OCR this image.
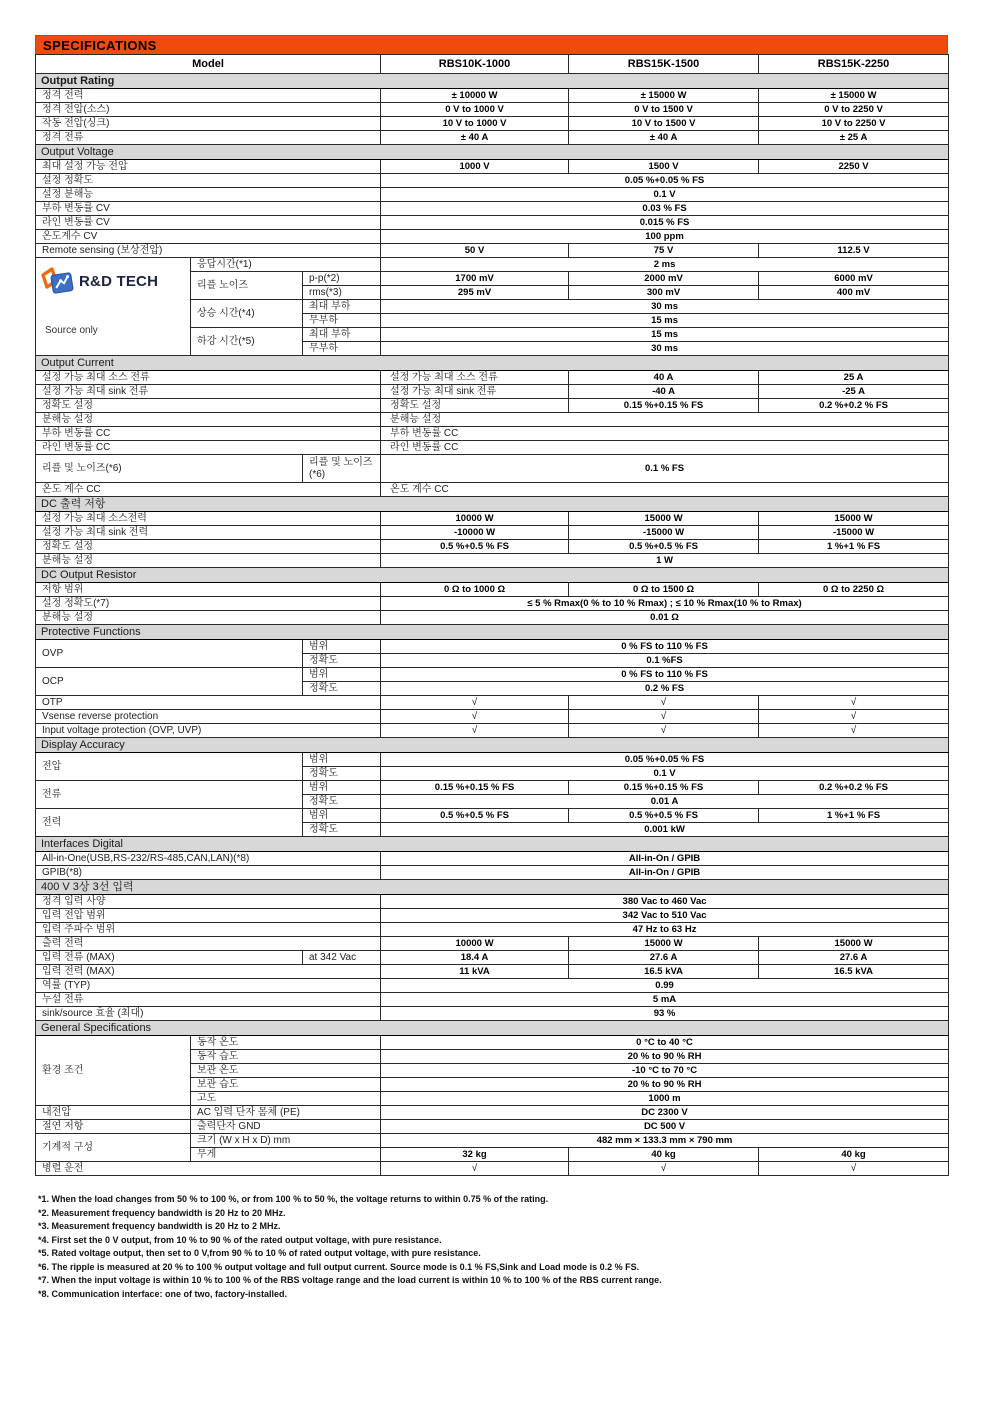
SPECIFICATIONS
Model			RBS10K-1000	RBS15K-1500	RBS15K-2250
Output Rating					
정격 전력			± 10000 W	± 15000 W	± 15000 W
정격 전압(소스)			0 V to 1000 V	0 V to 1500 V	0 V to 2250 V
작동 전압(싱크)			10 V to 1000 V	10 V to 1500 V	10 V to 2250 V
정격 전류			± 40 A	± 40 A	± 25 A
Output Voltage					
최대 설정 가능 전압			1000 V	1500 V	2250 V
설정 정확도			0.05 %+0.05 % FS		
설정 분해능			0.1 V		
부하 변동률 CV			0.03 % FS		
라인 변동률 CV			0.015 % FS		
온도계수 CV			100 ppm		
Remote sensing (보상전압)			50 V	75 V	112.5 V

R&D TECH
Source only	응답시간(*1)		2 ms		
	리플 노이즈	p-p(*2)	1700 mV	2000 mV	6000 mV
		rms(*3)	295 mV	300 mV	400 mV
	상승 시간(*4)	최대 부하	30 ms		
		무부하	15 ms		
	하강 시간(*5)	최대 부하	15 ms		
		무부하	30 ms		
Output Current					
설정 가능 최대 소스 전류			설정 가능 최대 소스 전류	40 A	25 A
설정 가능 최대 sink 전류			설정 가능 최대 sink 전류	-40 A	-25 A
정확도 설정			정확도 설정	0.15 %+0.15 % FS	0.2 %+0.2 % FS
분해능 설정			분해능 설정		
부하 변동률 CC			부하 변동률 CC		
라인 변동률 CC			라인 변동률 CC		
리플 및 노이즈(*6)		리플 및 노이즈(*6)	0.1 % FS		
온도 계수 CC			온도 계수 CC		
DC 출력 저항					
설정 가능 최대 소스전력			10000 W	15000 W	15000 W
설정 가능 최대 sink 전력			-10000 W	-15000 W	-15000 W
정확도 설정			0.5 %+0.5 % FS	0.5 %+0.5 % FS	1 %+1 % FS
분해능 설정			1 W		
DC Output Resistor					
저항 범위			0 Ω to 1000 Ω	0 Ω to 1500 Ω	0 Ω to 2250 Ω
설정 정확도(*7)			≤ 5 % Rmax(0 % to 10 % Rmax) ; ≤ 10 % Rmax(10 % to Rmax)		
분해능 설정			0.01 Ω		
Protective Functions					
OVP		범위	0 % FS to 110 % FS		
		정확도	0.1 %FS		
OCP		범위	0 % FS to 110 % FS		
		정확도	0.2 % FS		
OTP			√	√	√
Vsense reverse protection			√	√	√
Input voltage protection (OVP, UVP)			√	√	√
Display Accuracy					
전압		범위	0.05 %+0.05 % FS		
		정확도	0.1 V		
전류		범위	0.15 %+0.15 % FS	0.15 %+0.15 % FS	0.2 %+0.2 % FS
		정확도	0.01 A		
전력		범위	0.5 %+0.5 % FS	0.5 %+0.5 % FS	1 %+1 % FS
		정확도	0.001 kW		
Interfaces Digital					
All-in-One(USB,RS-232/RS-485,CAN,LAN)(*8)			All-in-On / GPIB		
GPIB(*8)			All-in-On / GPIB		
400 V 3상 3선 입력					
정격 입력 사양			380 Vac to 460 Vac		
입력 전압 범위			342 Vac to 510 Vac		
입력 주파수 범위			47 Hz to 63 Hz		
출력 전력			10000 W	15000 W	15000 W
입력 전류 (MAX)		at 342 Vac	18.4 A	27.6 A	27.6 A
입력 전력 (MAX)			11 kVA	16.5 kVA	16.5 kVA
역률 (TYP)			0.99		
누설 전류			5 mA		
sink/source 효율 (최대)			93 %		
General Specifications					
환경 조건	동작 온도		0 °C to 40 °C		
	동작 습도		20 % to 90 % RH		
	보관 온도		-10 °C to 70 °C		
	보관 습도		20 % to 90 % RH		
	고도		1000 m		
내전압	AC 입력 단자 몸체 (PE)		DC 2300 V		
절연 저항	출력단자 GND		DC 500 V		
기계적 구성	크기 (W x H x D) mm		482 mm × 133.3 mm × 790 mm		
	무게		32 kg	40 kg	40 kg
병렬 운전			√	√	√
*1. When the load changes from 50 % to 100 %, or from 100 % to 50 %, the voltage returns to within 0.75 % of the rating.
*2. Measurement frequency bandwidth is 20 Hz to 20 MHz.
*3. Measurement frequency bandwidth is 20 Hz to 2 MHz.
*4. First set the 0 V output, from 10 % to 90 % of the rated output voltage, with pure resistance.
*5. Rated voltage output, then set to 0 V,from 90 % to 10 % of rated output voltage, with pure resistance.
*6. The ripple is measured at 20 % to 100 % output voltage and full output current. Source mode is 0.1 % FS,Sink and Load mode is 0.2 % FS.
*7. When the input voltage is within 10 % to 100 % of the RBS voltage range and the load current is within 10 % to 100 % of the RBS current range.
*8. Communication interface: one of two, factory-installed.
